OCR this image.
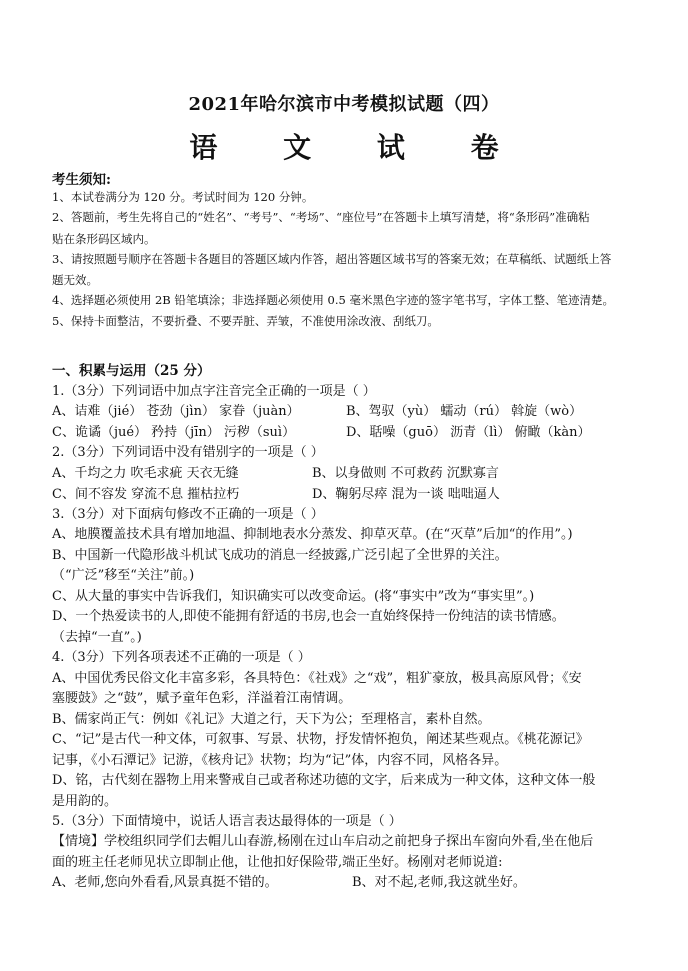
2021年哈尔滨市中考模拟试题（四）
语 文 试 卷
考生须知:
1、本试卷满分为 120 分。考试时间为 120 分钟。
2、答题前，考生先将自己的“姓名”、“考号”、“考场”、“座位号”在答题卡上填写清楚，将“条形码”准确粘
贴在条形码区域内。
3、请按照题号顺序在答题卡各题目的答题区域内作答，超出答题区域书写的答案无效；在草稿纸、试题纸上答
题无效。
4、选择题必须使用 2B 铅笔填涂；非选择题必须使用 0.5 毫米黑色字迹的签字笔书写，字体工整、笔迹清楚。
5、保持卡面整洁，不要折叠、不要弄脏、弄皱，不准使用涂改液、刮纸刀。
一、积累与运用（25 分）
1.（3分）下列词语中加点字注音完全正确的一项是（ ）
A、诘难（jié） 苍劲（jìn） 家眷（juàn）	B、驾驭（yù） 蠕动（rú） 斡旋（wò）
C、诡谲（jué） 矜持（jīn） 污秽（suì）	D、聒噪（guō） 沥青（lì） 俯瞰（kàn）
2.（3分）下列词语中没有错别字的一项是（ ）
A、千均之力 吹毛求疵 天衣无缝	B、以身做则 不可救药 沉默寡言
C、间不容发 穿流不息 摧枯拉朽	D、鞠躬尽瘁 混为一谈 咄咄逼人
3.（3分）对下面病句修改不正确的一项是（ ）
A、地膜覆盖技术具有增加地温、抑制地表水分蒸发、抑草灭草。(在“灭草”后加“的作用”。)
B、中国新一代隐形战斗机试飞成功的消息一经披露,广泛引起了全世界的关注。
（“广泛”移至“关注”前。)
C、从大量的事实中告诉我们，知识确实可以改变命运。(将“事实中”改为“事实里”。)
D、一个热爱读书的人,即使不能拥有舒适的书房,也会一直始终保持一份纯洁的读书情感。
（去掉“一直”。)
4.（3分）下列各项表述不正确的一项是（ ）
A、中国优秀民俗文化丰富多彩，各具特色：《社戏》之“戏”，粗犷豪放，极具高原风骨；《安
塞腰鼓》之“鼓”，赋予童年色彩，洋溢着江南情调。
B、儒家尚正气：例如《礼记》大道之行，天下为公；至理格言，素朴自然。
C、“记”是古代一种文体，可叙事、写景、状物，抒发情怀抱负，阐述某些观点。《桃花源记》
记事，《小石潭记》记游，《核舟记》状物；均为“记”体，内容不同，风格各异。
D、铭，古代刻在器物上用来警戒自己或者称述功德的文字，后来成为一种文体，这种文体一般
是用韵的。
5.（3分）下面情境中，说话人语言表达最得体的一项是（ ）
【情境】学校组织同学们去帽儿山春游,杨刚在过山车启动之前把身子探出车窗向外看,坐在他后
面的班主任老师见状立即制止他，让他扣好保险带,端正坐好。杨刚对老师说道:
A、老师,您向外看看,风景真挺不错的。	B、对不起,老师,我这就坐好。
